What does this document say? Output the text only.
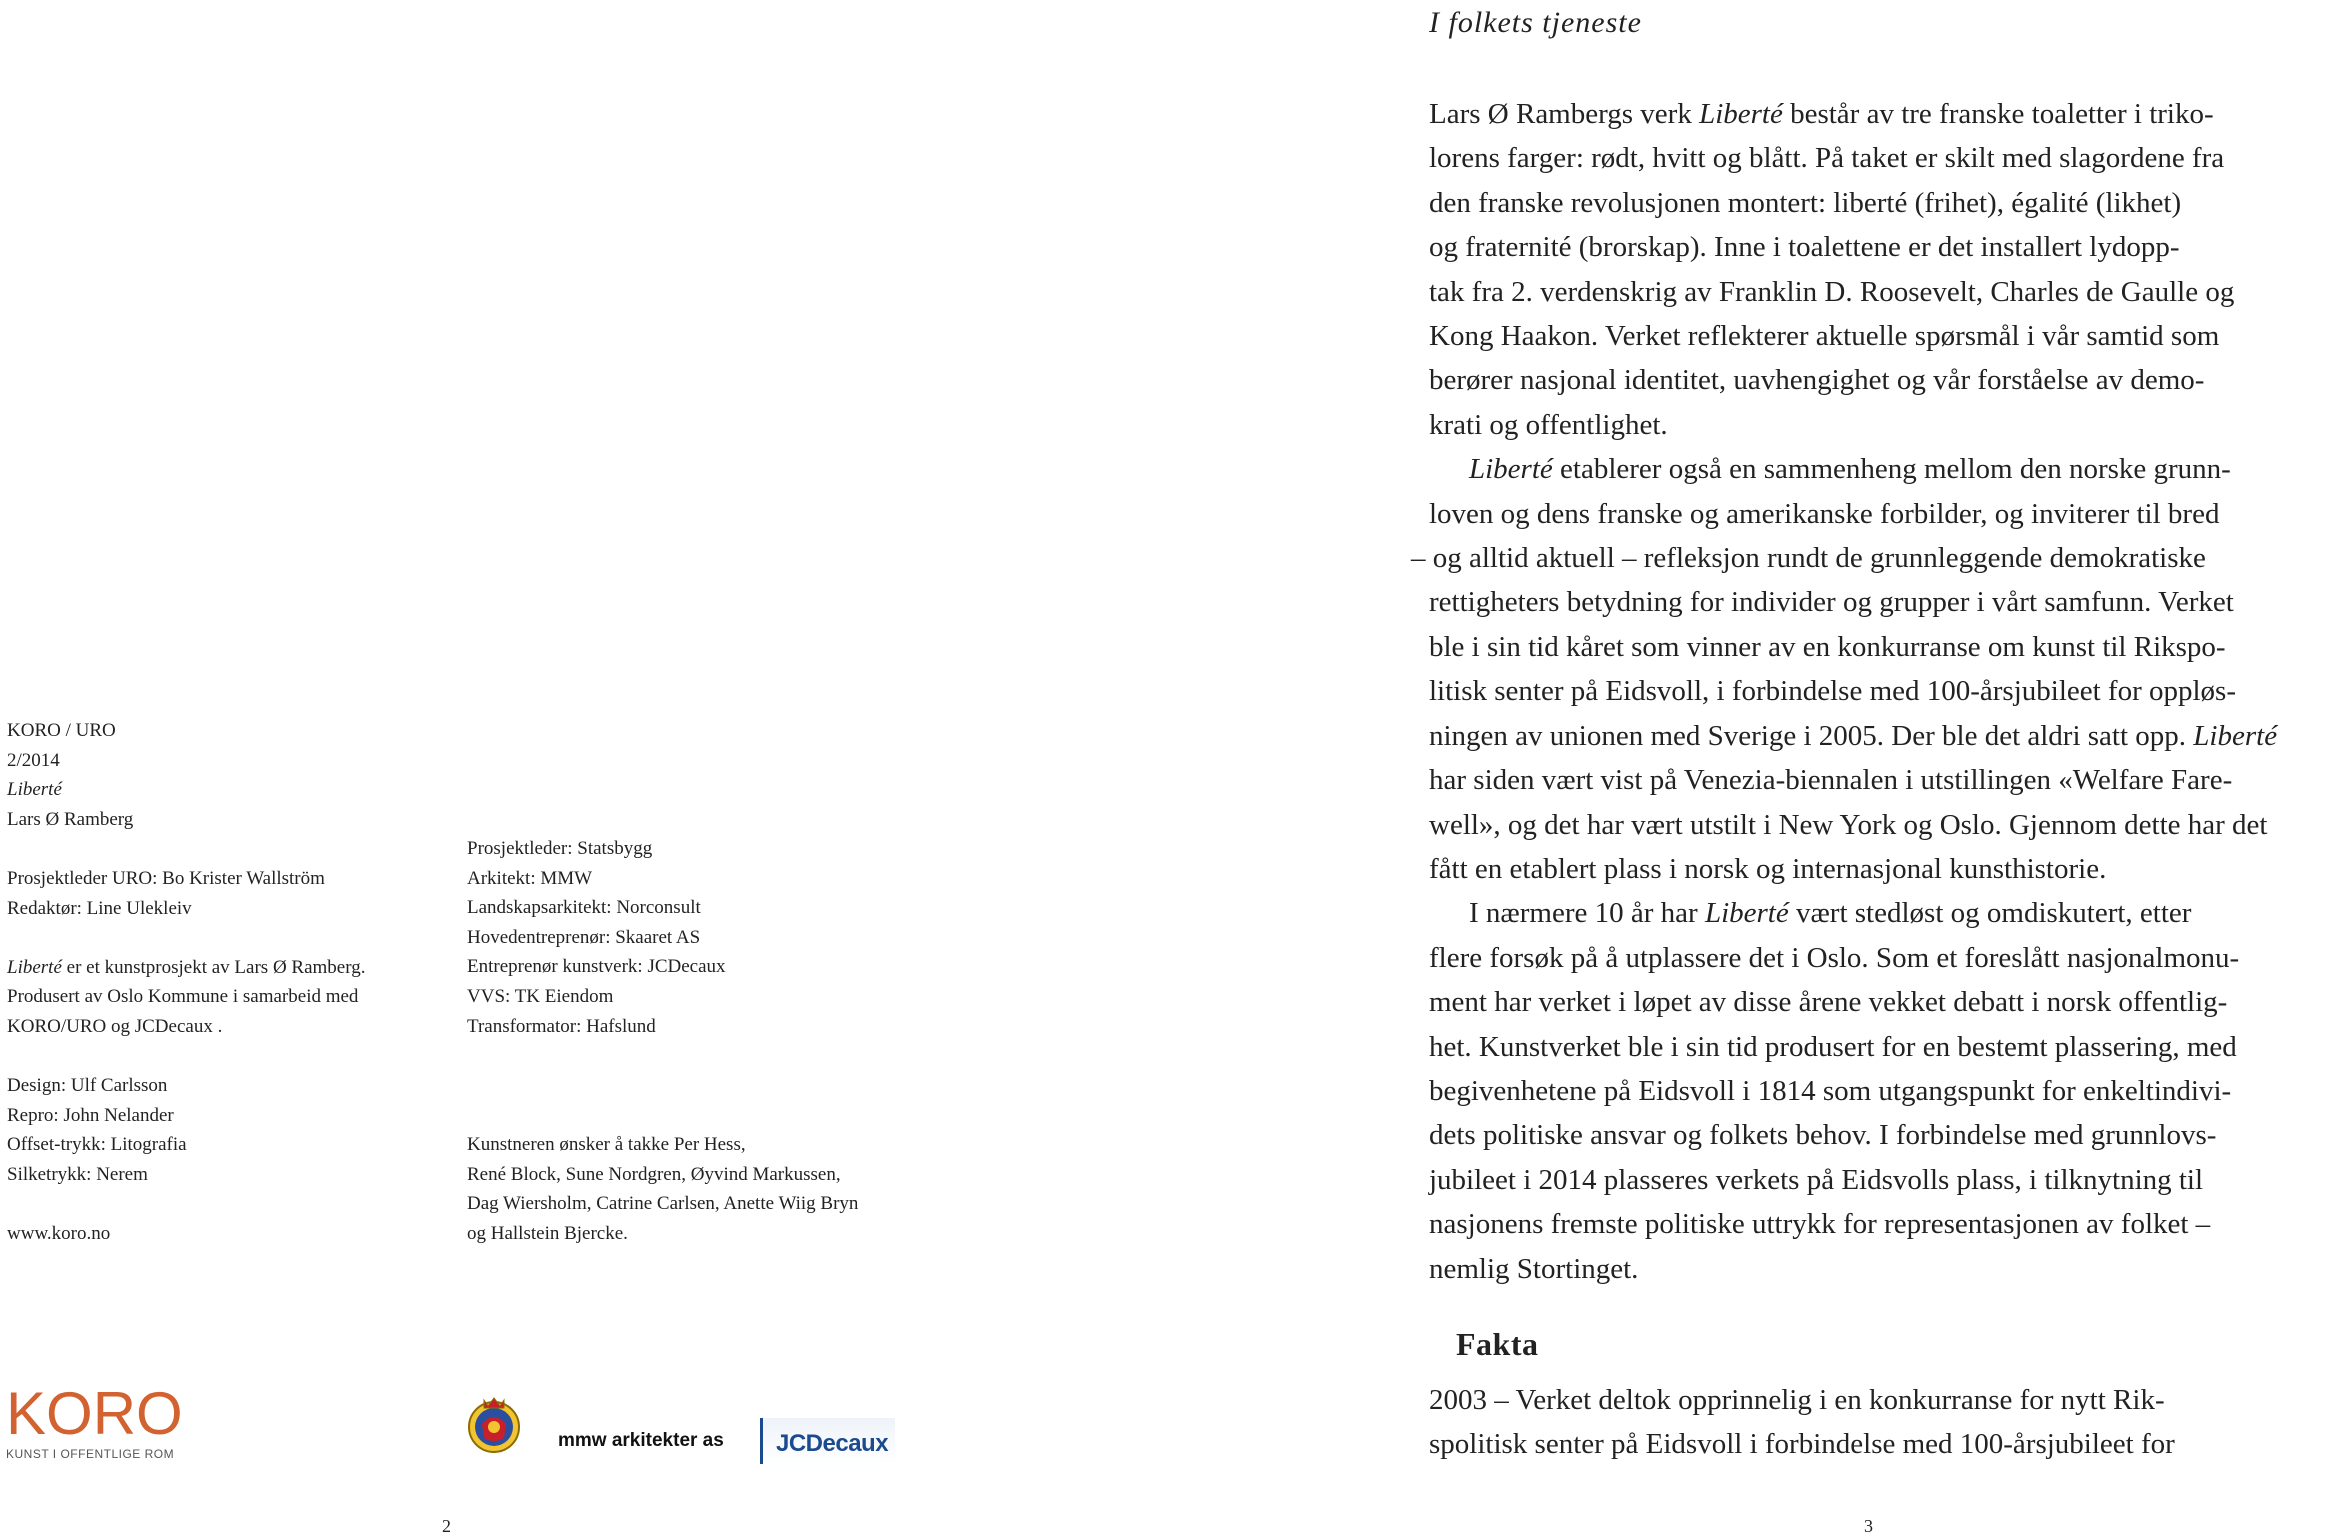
KORO / URO
2/2014
Liberté
Lars Ø Ramberg
Prosjektleder URO: Bo Krister Wallström
Redaktør: Line Ulekleiv
Liberté er et kunstprosjekt av Lars Ø Ramberg.
Produsert av Oslo Kommune i samarbeid med
KORO/URO og JCDecaux .
Design: Ulf Carlsson
Repro: John Nelander
Offset-trykk: Litografia
Silketrykk: Nerem
www.koro.no
Prosjektleder: Statsbygg
Arkitekt: MMW
Landskapsarkitekt: Norconsult
Hovedentreprenør: Skaaret AS
Entreprenør kunstverk: JCDecaux
VVS: TK Eiendom
Transformator: Hafslund
Kunstneren ønsker å takke Per Hess,
René Block, Sune Nordgren, Øyvind Markussen,
Dag Wiersholm, Catrine Carlsen, Anette Wiig Bryn
og Hallstein Bjercke.
KORO
KUNST I OFFENTLIGE ROM
mmw arkitekter as JCDecaux
2
I folkets tjeneste
Lars Ø Rambergs verk Liberté består av tre franske toaletter i triko-
lorens farger: rødt, hvitt og blått. På taket er skilt med slagordene fra
den franske revolusjonen montert: liberté (frihet), égalité (likhet)
og fraternité (brorskap). Inne i toalettene er det installert lydopp-
tak fra 2. verdenskrig av Franklin D. Roosevelt, Charles de Gaulle og
Kong Haakon. Verket reflekterer aktuelle spørsmål i vår samtid som
berører nasjonal identitet, uavhengighet og vår forståelse av demo-
krati og offentlighet.
Liberté etablerer også en sammenheng mellom den norske grunn-
loven og dens franske og amerikanske forbilder, og inviterer til bred
– og alltid aktuell – refleksjon rundt de grunnleggende demokratiske
rettigheters betydning for individer og grupper i vårt samfunn. Verket
ble i sin tid kåret som vinner av en konkurranse om kunst til Rikspo-
litisk senter på Eidsvoll, i forbindelse med 100-årsjubileet for oppløs-
ningen av unionen med Sverige i 2005. Der ble det aldri satt opp. Liberté
har siden vært vist på Venezia-biennalen i utstillingen «Welfare Fare-
well», og det har vært utstilt i New York og Oslo. Gjennom dette har det
fått en etablert plass i norsk og internasjonal kunsthistorie.
I nærmere 10 år har Liberté vært stedløst og omdiskutert, etter
flere forsøk på å utplassere det i Oslo. Som et foreslått nasjonalmonu-
ment har verket i løpet av disse årene vekket debatt i norsk offentlig-
het. Kunstverket ble i sin tid produsert for en bestemt plassering, med
begivenhetene på Eidsvoll i 1814 som utgangspunkt for enkeltindivi-
dets politiske ansvar og folkets behov. I forbindelse med grunnlovs-
jubileet i 2014 plasseres verkets på Eidsvolls plass, i tilknytning til
nasjonens fremste politiske uttrykk for representasjonen av folket –
nemlig Stortinget.
Fakta
2003 – Verket deltok opprinnelig i en konkurranse for nytt Rik-
spolitisk senter på Eidsvoll i forbindelse med 100-årsjubileet for
3
